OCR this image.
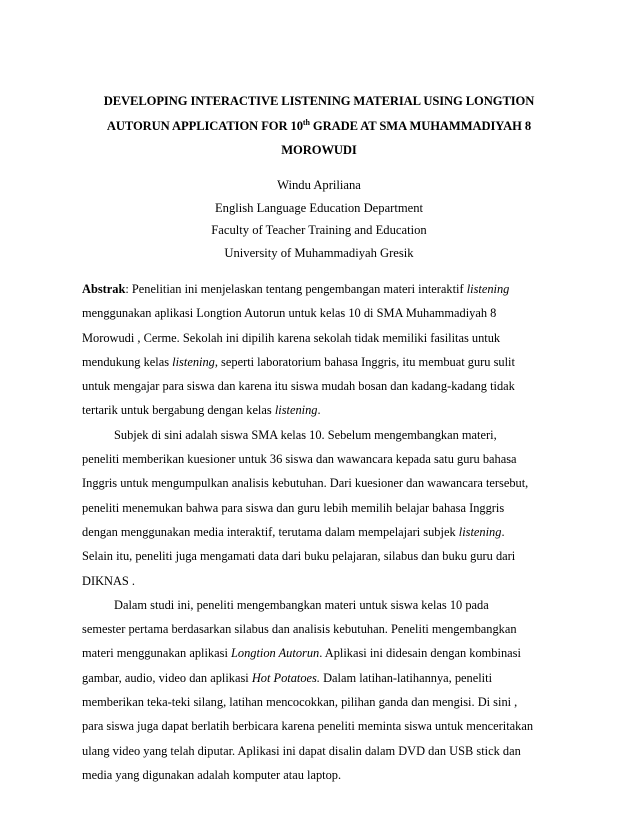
DEVELOPING INTERACTIVE LISTENING MATERIAL USING LONGTION
AUTORUN APPLICATION FOR 10th GRADE AT SMA MUHAMMADIYAH 8
MOROWUDI
Windu Apriliana
English Language Education Department
Faculty of Teacher Training and Education
University of Muhammadiyah Gresik
Abstrak: Penelitian ini menjelaskan tentang pengembangan materi interaktif listening
menggunakan aplikasi Longtion Autorun untuk kelas 10 di SMA Muhammadiyah 8
Morowudi , Cerme. Sekolah ini dipilih karena sekolah tidak memiliki fasilitas untuk
mendukung kelas listening, seperti laboratorium bahasa Inggris, itu membuat guru sulit
untuk mengajar para siswa dan karena itu siswa mudah bosan dan kadang-kadang tidak
tertarik untuk bergabung dengan kelas listening.
Subjek di sini adalah siswa SMA kelas 10. Sebelum mengembangkan materi,
peneliti memberikan kuesioner untuk 36 siswa dan wawancara kepada satu guru bahasa
Inggris untuk mengumpulkan analisis kebutuhan. Dari kuesioner dan wawancara tersebut,
peneliti menemukan bahwa para siswa dan guru lebih memilih belajar bahasa Inggris
dengan menggunakan media interaktif, terutama dalam mempelajari subjek listening.
Selain itu, peneliti juga mengamati data dari buku pelajaran, silabus dan buku guru dari
DIKNAS .
Dalam studi ini, peneliti mengembangkan materi untuk siswa kelas 10 pada
semester pertama berdasarkan silabus dan analisis kebutuhan. Peneliti mengembangkan
materi menggunakan aplikasi Longtion Autorun. Aplikasi ini didesain dengan kombinasi
gambar, audio, video dan aplikasi Hot Potatoes. Dalam latihan-latihannya, peneliti
memberikan teka-teki silang, latihan mencocokkan, pilihan ganda dan mengisi. Di sini ,
para siswa juga dapat berlatih berbicara karena peneliti meminta siswa untuk menceritakan
ulang video yang telah diputar. Aplikasi ini dapat disalin dalam DVD dan USB stick dan
media yang digunakan adalah komputer atau laptop.
